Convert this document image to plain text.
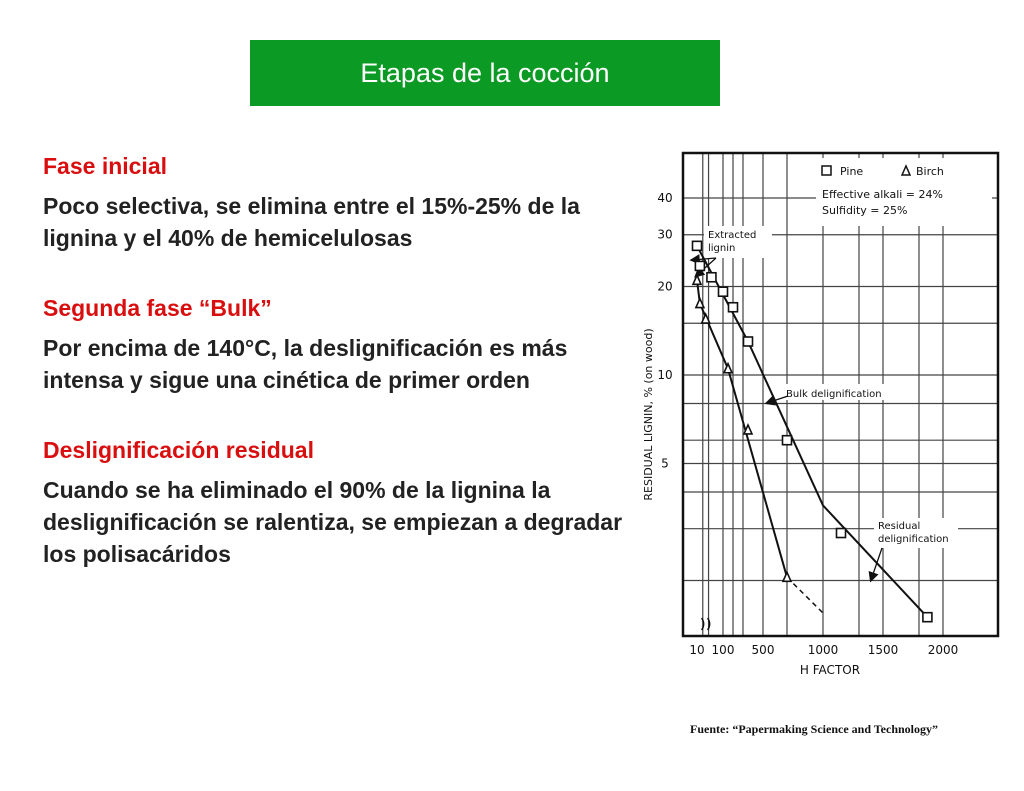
Etapas de la cocción
Fase inicial
Poco selectiva, se elimina entre el 15%-25% de la lignina y el 40% de hemicelulosas
Segunda fase “Bulk”
Por encima de 140°C, la deslignificación es más intensa y sigue una cinética de primer orden
Deslignificación residual
Cuando se ha eliminado el 90% de la lignina la deslignificación se ralentiza, se empiezan a degradar los polisacáridos
40
30
20
10
5
10 100 500	1000 1500 2000
H FACTOR
RESIDUAL LIGNIN, % (on wood)
Pine	Birch
Effective alkali = 24%
Sulfidity = 25%
Extracted lignin
Bulk delignification
Residual delignification
Fuente: “Papermaking Science and Technology”
